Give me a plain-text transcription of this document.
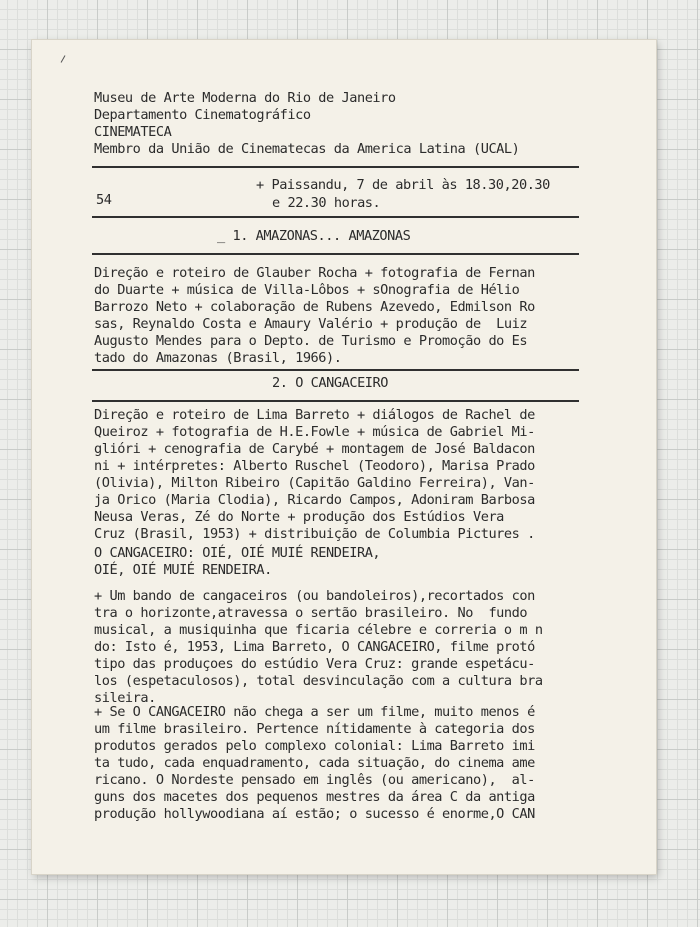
Museu de Arte Moderna do Rio de Janeiro

Departamento Cinematográfico

CINEMATECA

Membro da União de Cinematecas da America Latina (UCAL)

54

+ Paissandu, 7 de abril às 18.30,20.30

e 22.30 horas.

_ 1. AMAZONAS... AMAZONAS

Direção e roteiro de Glauber Rocha + fotografia de Fernan

do Duarte + música de Villa-Lôbos + sOnografia de Hélio

Barrozo Neto + colaboração de Rubens Azevedo, Edmilson Ro

sas, Reynaldo Costa e Amaury Valério + produção de  Luiz

Augusto Mendes para o Depto. de Turismo e Promoção do Es

tado do Amazonas (Brasil, 1966).

2. O CANGACEIRO

Direção e roteiro de Lima Barreto + diálogos de Rachel de

Queiroz + fotografia de H.E.Fowle + música de Gabriel Mi-

glióri + cenografia de Carybé + montagem de José Baldacon

ni + intérpretes: Alberto Ruschel (Teodoro), Marisa Prado

(Olivia), Milton Ribeiro (Capitão Galdino Ferreira), Van-

ja Orico (Maria Clodia), Ricardo Campos, Adoniram Barbosa

Neusa Veras, Zé do Norte + produção dos Estúdios Vera

Cruz (Brasil, 1953) + distribuição de Columbia Pictures .

O CANGACEIRO: OIÉ, OIÉ MUIÉ RENDEIRA,

OIÉ, OIÉ MUIÉ RENDEIRA.

+ Um bando de cangaceiros (ou bandoleiros),recortados con

tra o horizonte,atravessa o sertão brasileiro. No  fundo

musical, a musiquinha que ficaria célebre e correria o m n

do: Isto é, 1953, Lima Barreto, O CANGACEIRO, filme protó

tipo das produçoes do estúdio Vera Cruz: grande espetácu-

los (espetaculosos), total desvinculação com a cultura bra

sileira.

+ Se O CANGACEIRO não chega a ser um filme, muito menos é

um filme brasileiro. Pertence nítidamente à categoria dos

produtos gerados pelo complexo colonial: Lima Barreto imi

ta tudo, cada enquadramento, cada situação, do cinema ame

ricano. O Nordeste pensado em inglês (ou americano),  al-

guns dos macetes dos pequenos mestres da área C da antiga

produção hollywoodiana aí estão; o sucesso é enorme,O CAN
